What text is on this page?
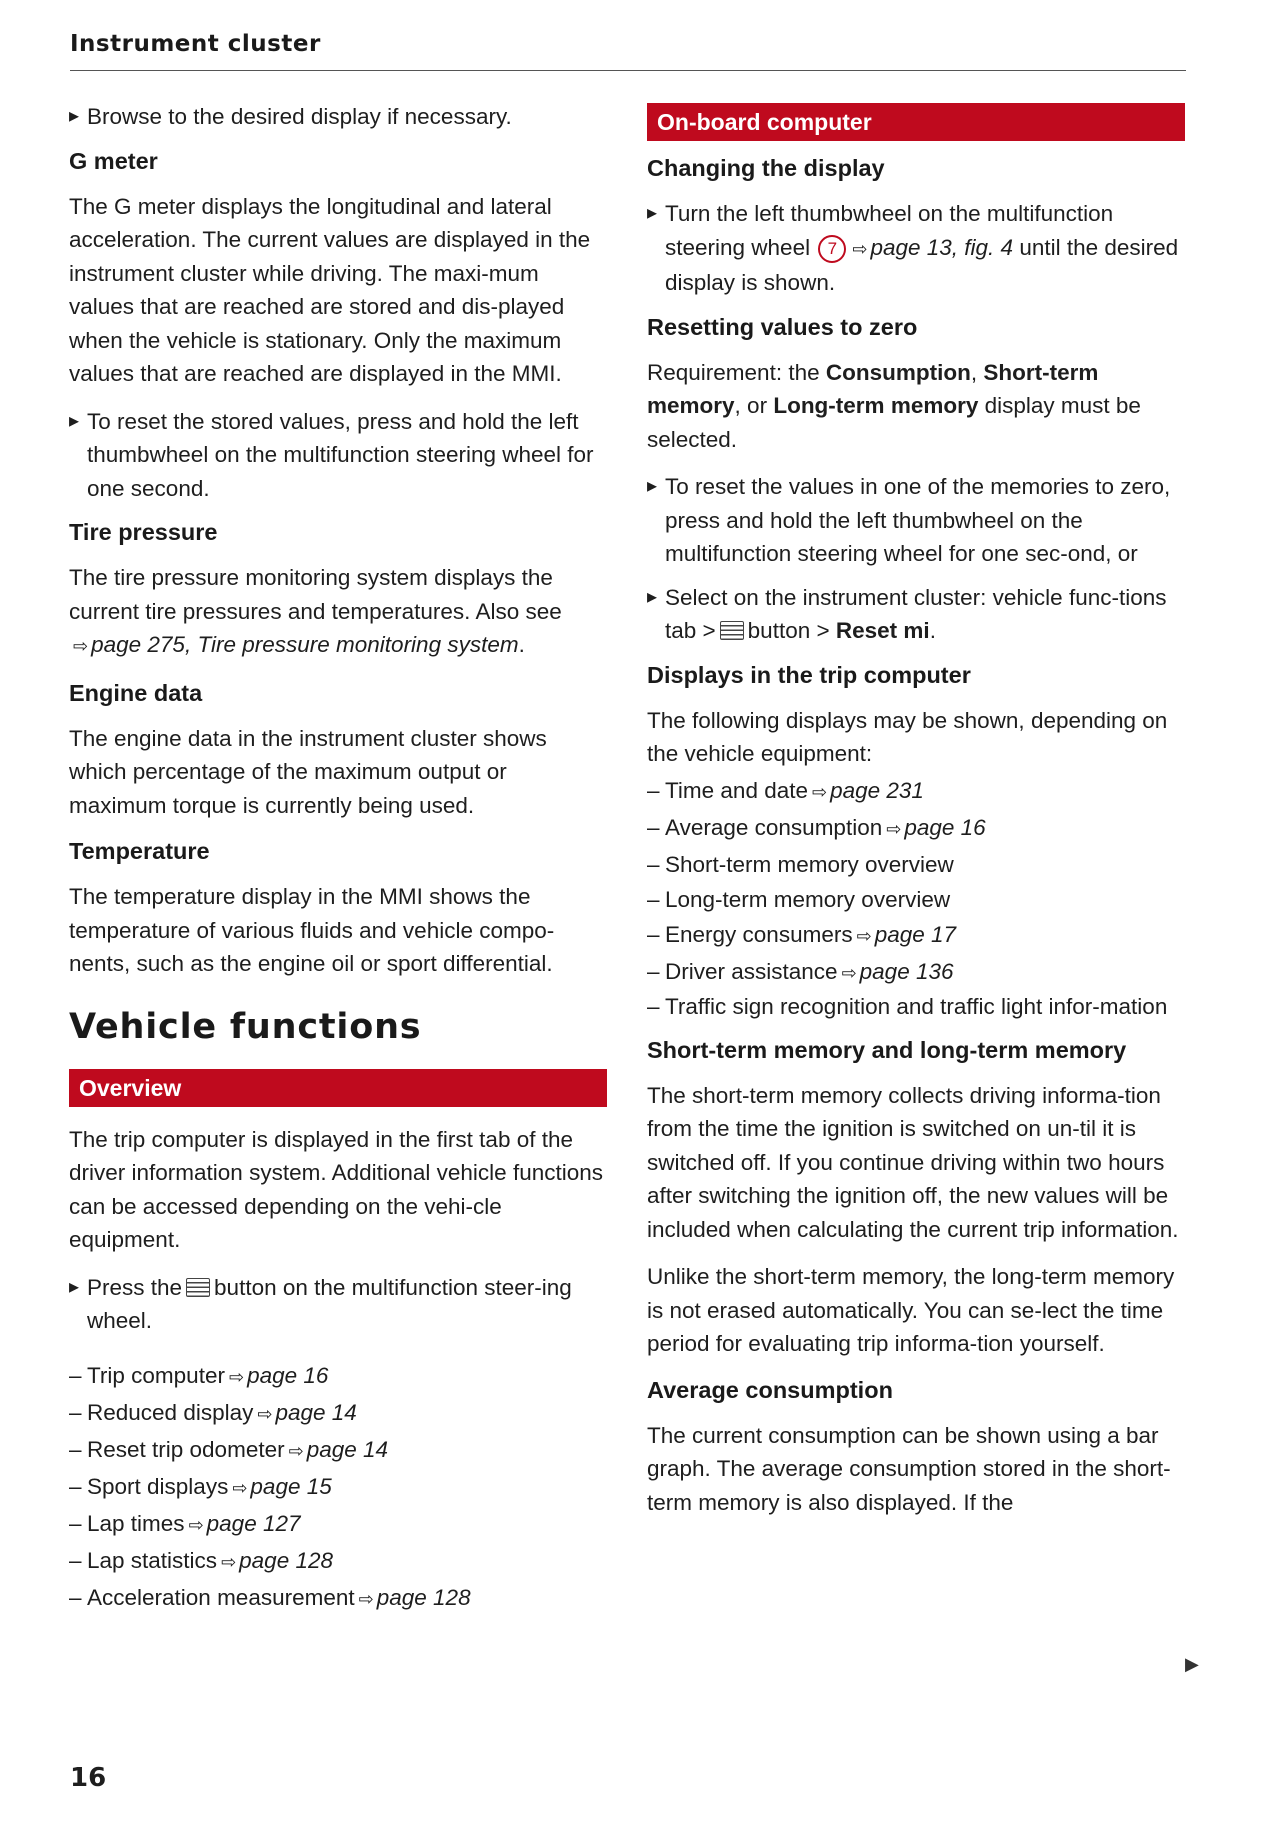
Instrument cluster
▸ Browse to the desired display if necessary.
G meter

The G meter displays the longitudinal and lateral acceleration. The current values are displayed in the instrument cluster while driving. The maxi-mum values that are reached are stored and dis-played when the vehicle is stationary. Only the maximum values that are reached are displayed in the MMI.

▸ To reset the stored values, press and hold the left thumbwheel on the multifunction steering wheel for one second.
Tire pressure

The tire pressure monitoring system displays the current tire pressures and temperatures. Also see ⇨ page 275, Tire pressure monitoring system.

Engine data

The engine data in the instrument cluster shows which percentage of the maximum output or maximum torque is currently being used.

Temperature

The temperature display in the MMI shows the temperature of various fluids and vehicle compo-nents, such as the engine oil or sport differential.

Vehicle functions
Overview

The trip computer is displayed in the first tab of the driver information system. Additional vehicle functions can be accessed depending on the vehi-cle equipment.

▸ Press the button on the multifunction steer-ing wheel.
– Trip computer ⇨ page 16
– Reduced display ⇨ page 14
– Reset trip odometer ⇨ page 14
– Sport displays ⇨ page 15
– Lap times ⇨ page 127
– Lap statistics ⇨ page 128
– Acceleration measurement ⇨ page 128
On-board computer
Changing the display
▸ Turn the left thumbwheel on the multifunction steering wheel 7 ⇨ page 13, fig. 4 until the desired display is shown.
Resetting values to zero

Requirement: the Consumption, Short-term memory, or Long-term memory display must be selected.

▸ To reset the values in one of the memories to zero, press and hold the left thumbwheel on the multifunction steering wheel for one sec-ond, or
▸ Select on the instrument cluster: vehicle func-tions tab > button > Reset mi.
Displays in the trip computer

The following displays may be shown, depending on the vehicle equipment:

– Time and date ⇨ page 231
– Average consumption ⇨ page 16
– Short-term memory overview
– Long-term memory overview
– Energy consumers ⇨ page 17
– Driver assistance ⇨ page 136
– Traffic sign recognition and traffic light infor-mation
Short-term memory and long-term memory

The short-term memory collects driving informa-tion from the time the ignition is switched on un-til it is switched off. If you continue driving within two hours after switching the ignition off, the new values will be included when calculating the current trip information.

Unlike the short-term memory, the long-term memory is not erased automatically. You can se-lect the time period for evaluating trip informa-tion yourself.

Average consumption

The current consumption can be shown using a bar graph. The average consumption stored in the short-term memory is also displayed. If the

▶
16
